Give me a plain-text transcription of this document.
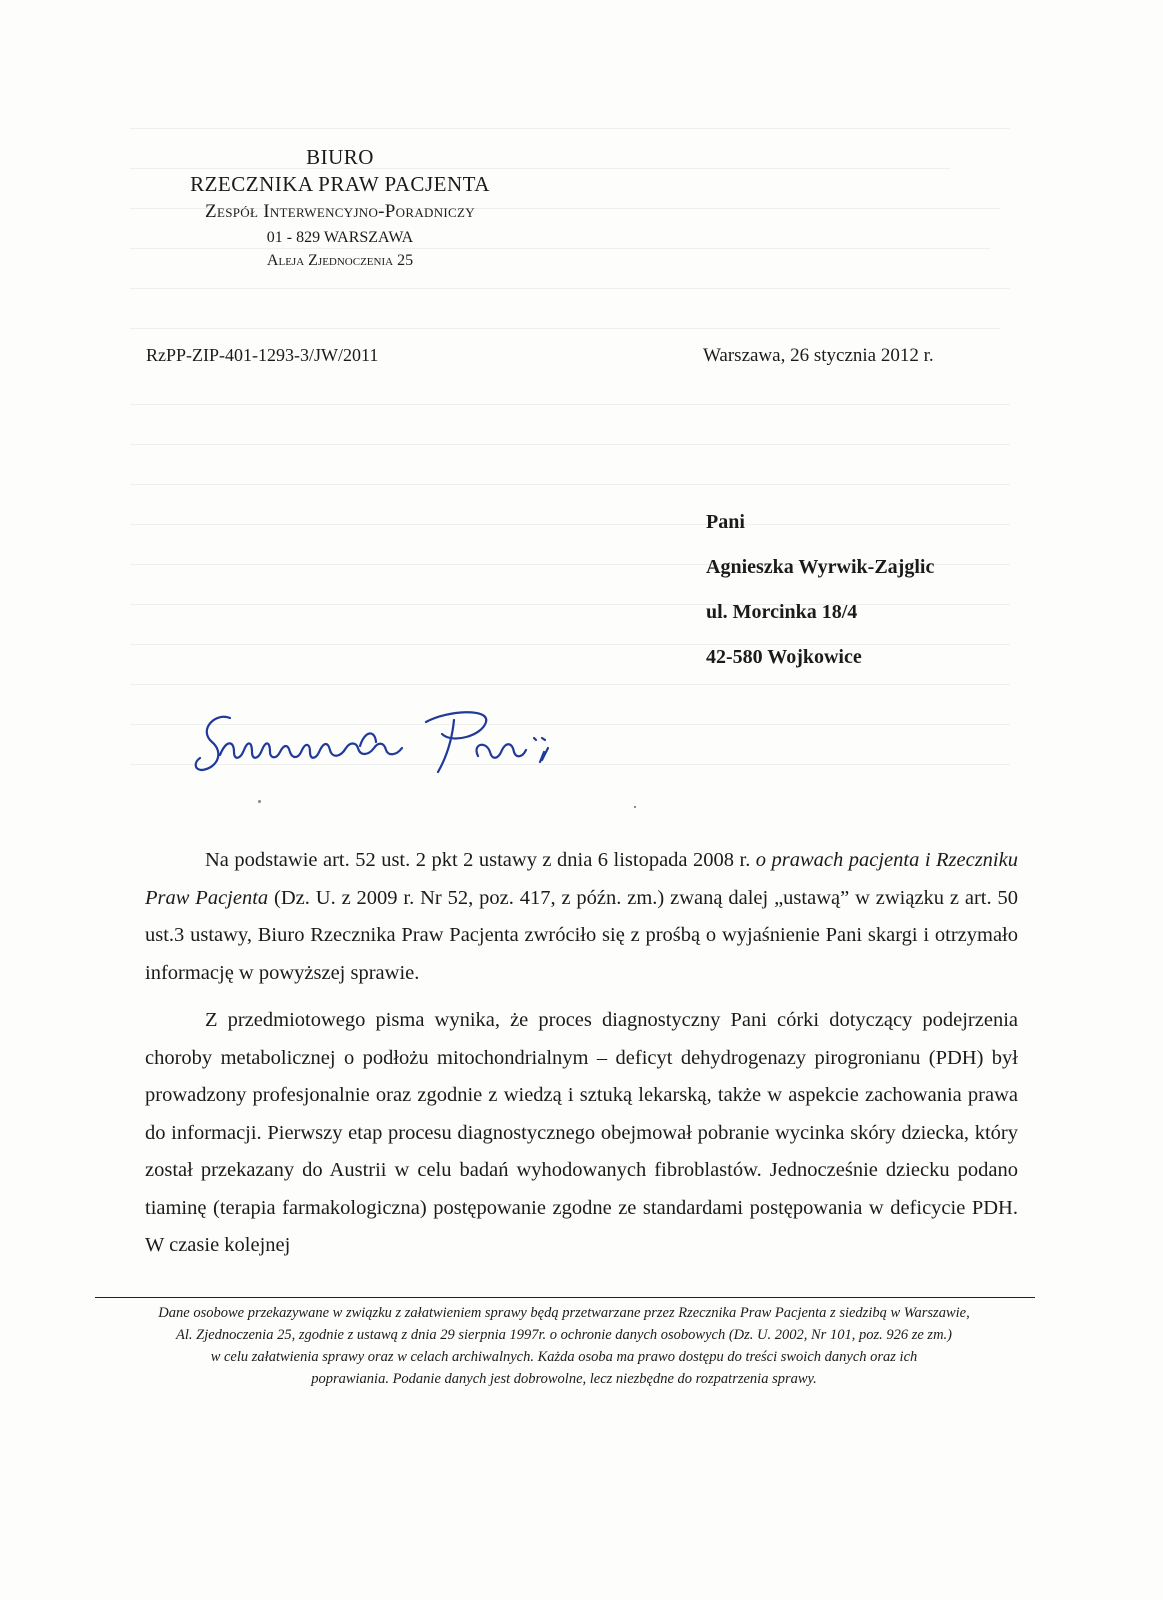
BIURO
RZECZNIKA PRAW PACJENTA
Zespół Interwencyjno-Poradniczy
01 - 829 WARSZAWA
Aleja Zjednoczenia 25
RzPP-ZIP-401-1293-3/JW/2011	Warszawa, 26 stycznia 2012 r.
Pani
Agnieszka Wyrwik-Zajglic
ul. Morcinka 18/4
42-580 Wojkowice

Na podstawie art. 52 ust. 2 pkt 2 ustawy z dnia 6 listopada 2008 r. o prawach pacjenta i Rzeczniku Praw Pacjenta (Dz. U. z 2009 r. Nr 52, poz. 417, z późn. zm.) zwaną dalej „ustawą” w związku z art. 50 ust.3 ustawy, Biuro Rzecznika Praw Pacjenta zwróciło się z prośbą o wyjaśnienie Pani skargi i otrzymało informację w powyższej sprawie.

Z przedmiotowego pisma wynika, że proces diagnostyczny Pani córki dotyczący podejrzenia choroby metabolicznej o podłożu mitochondrialnym – deficyt dehydrogenazy pirogronianu (PDH) był prowadzony profesjonalnie oraz zgodnie z wiedzą i sztuką lekarską, także w aspekcie zachowania prawa do informacji. Pierwszy etap procesu diagnostycznego obejmował pobranie wycinka skóry dziecka, który został przekazany do Austrii w celu badań wyhodowanych fibroblastów. Jednocześnie dziecku podano tiaminę (terapia farmakologiczna) postępowanie zgodne ze standardami postępowania w deficycie PDH. W czasie kolejnej

Dane osobowe przekazywane w związku z załatwieniem sprawy będą przetwarzane przez Rzecznika Praw Pacjenta z siedzibą w Warszawie,
Al. Zjednoczenia 25, zgodnie z ustawą z dnia 29 sierpnia 1997r. o ochronie danych osobowych (Dz. U. 2002, Nr 101, poz. 926 ze zm.)
w celu załatwienia sprawy oraz w celach archiwalnych. Każda osoba ma prawo dostępu do treści swoich danych oraz ich
poprawiania. Podanie danych jest dobrowolne, lecz niezbędne do rozpatrzenia sprawy.
